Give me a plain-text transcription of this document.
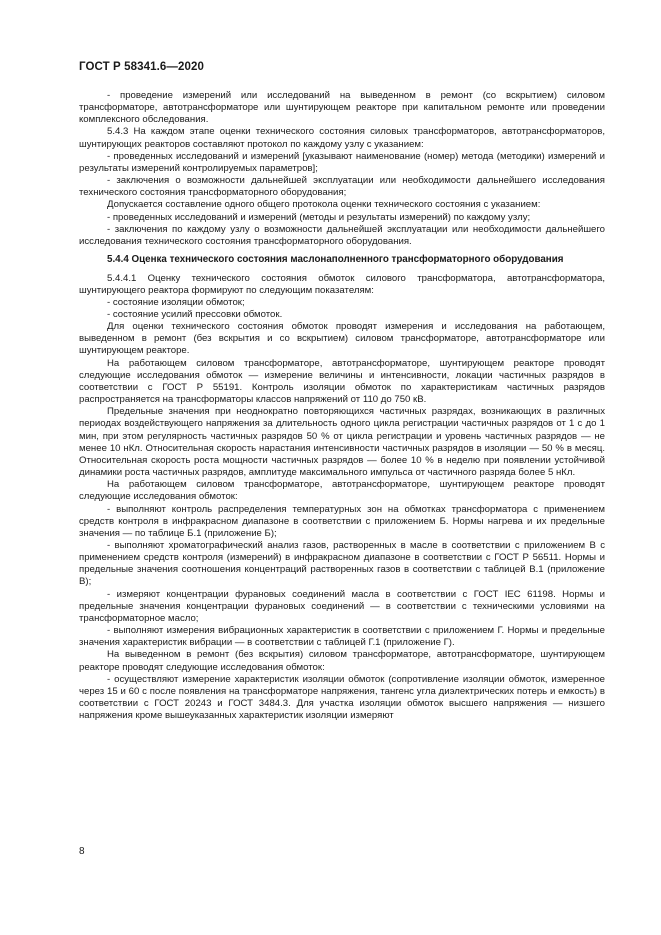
ГОСТ Р 58341.6—2020

- проведение измерений или исследований на выведенном в ремонт (со вскрытием) силовом трансформаторе, автотрансформаторе или шунтирующем реакторе при капитальном ремонте или проведении комплексного обследования.

5.4.3 На каждом этапе оценки технического состояния силовых трансформаторов, автотрансформаторов, шунтирующих реакторов составляют протокол по каждому узлу с указанием:

- проведенных исследований и измерений [указывают наименование (номер) метода (методики) измерений и результаты измерений контролируемых параметров];

- заключения о возможности дальнейшей эксплуатации или необходимости дальнейшего исследования технического состояния трансформаторного оборудования;

Допускается составление одного общего протокола оценки технического состояния с указанием:

- проведенных исследований и измерений (методы и результаты измерений) по каждому узлу;

- заключения по каждому узлу о возможности дальнейшей эксплуатации или необходимости дальнейшего исследования технического состояния трансформаторного оборудования.

5.4.4 Оценка технического состояния маслонаполненного трансформаторного оборудования

5.4.4.1 Оценку технического состояния обмоток силового трансформатора, автотрансформатора, шунтирующего реактора формируют по следующим показателям:

- состояние изоляции обмоток;

- состояние усилий прессовки обмоток.

Для оценки технического состояния обмоток проводят измерения и исследования на работающем, выведенном в ремонт (без вскрытия и со вскрытием) силовом трансформаторе, автотрансформаторе или шунтирующем реакторе.

На работающем силовом трансформаторе, автотрансформаторе, шунтирующем реакторе проводят следующие исследования обмоток — измерение величины и интенсивности, локации частичных разрядов в соответствии с ГОСТ Р 55191. Контроль изоляции обмоток по характеристикам частичных разрядов распространяется на трансформаторы классов напряжений от 110 до 750 кВ.

Предельные значения при неоднократно повторяющихся частичных разрядах, возникающих в различных периодах воздействующего напряжения за длительность одного цикла регистрации частичных разрядов от 1 с до 1 мин, при этом регулярность частичных разрядов 50 % от цикла регистрации и уровень частичных разрядов — не менее 10 нКл. Относительная скорость нарастания интенсивности частичных разрядов в изоляции — 50 % в месяц. Относительная скорость роста мощности частичных разрядов — более 10 % в неделю при появлении устойчивой динамики роста частичных разрядов, амплитуде максимального импульса от частичного разряда более 5 нКл.

На работающем силовом трансформаторе, автотрансформаторе, шунтирующем реакторе проводят следующие исследования обмоток:

- выполняют контроль распределения температурных зон на обмотках трансформатора с применением средств контроля в инфракрасном диапазоне в соответствии с приложением Б. Нормы нагрева и их предельные значения — по таблице Б.1 (приложение Б);

- выполняют хроматографический анализ газов, растворенных в масле в соответствии с приложением В с применением средств контроля (измерений) в инфракрасном диапазоне в соответствии с ГОСТ Р 56511. Нормы и предельные значения соотношения концентраций растворенных газов в соответствии с таблицей В.1 (приложение В);

- измеряют концентрации фурановых соединений масла в соответствии с ГОСТ IEC 61198. Нормы и предельные значения концентрации фурановых соединений — в соответствии с техническими условиями на трансформаторное масло;

- выполняют измерения вибрационных характеристик в соответствии с приложением Г. Нормы и предельные значения характеристик вибрации — в соответствии с таблицей Г.1 (приложение Г).

На выведенном в ремонт (без вскрытия) силовом трансформаторе, автотрансформаторе, шунтирующем реакторе проводят следующие исследования обмоток:

- осуществляют измерение характеристик изоляции обмоток (сопротивление изоляции обмоток, измеренное через 15 и 60 с после появления на трансформаторе напряжения, тангенс угла диэлектрических потерь и емкость) в соответствии с ГОСТ 20243 и ГОСТ 3484.3. Для участка изоляции обмоток высшего напряжения — низшего напряжения кроме вышеуказанных характеристик изоляции измеряют

8
